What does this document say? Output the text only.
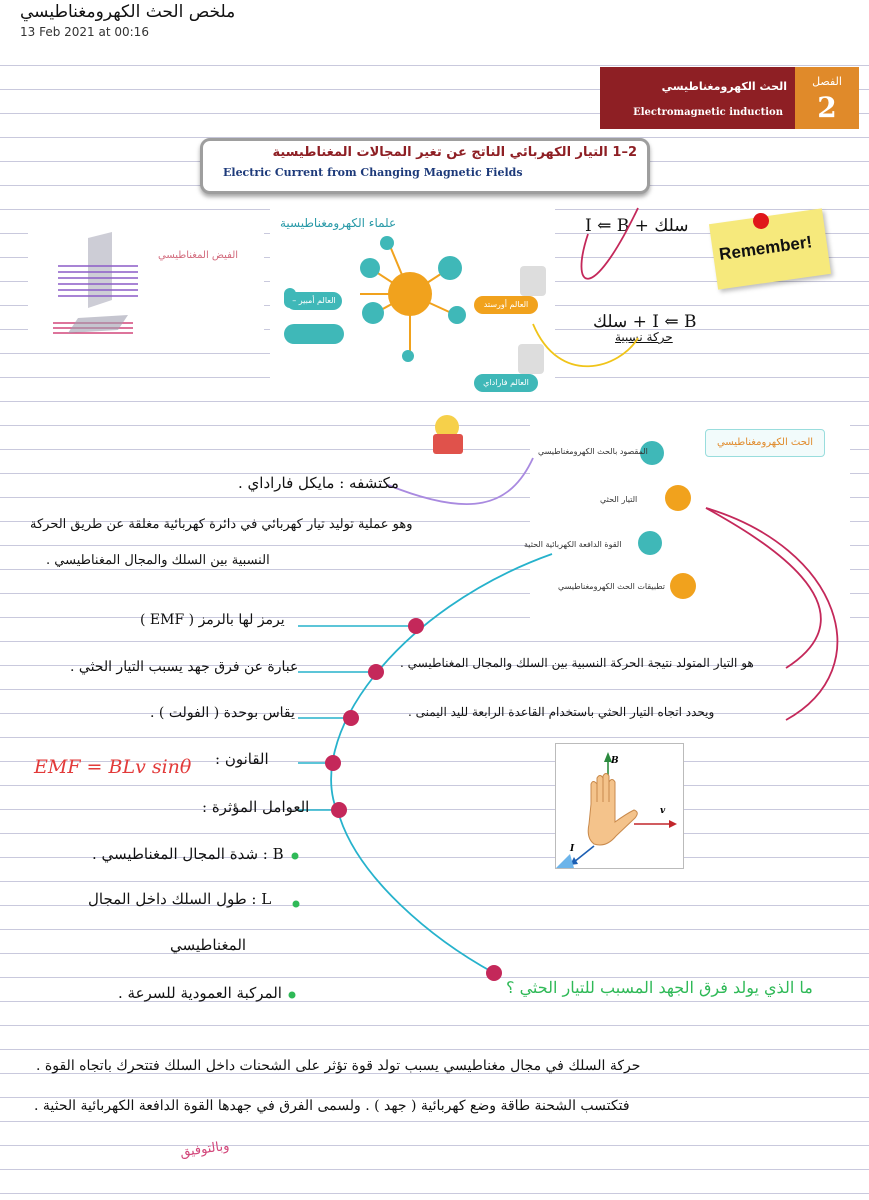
ملخص الحث الكهرومغناطيسي
13 Feb 2021 at 00:16
الفصل
2
الحث الكهرومغناطيسي
Electromagnetic induction
2–1 التيار الكهربائي الناتج عن تغير المجالات المغناطيسية
Electric Current from Changing Magnetic Fields
الفيض المغناطيسي
علماء الكهرومغناطيسية
العالم أمبير – فاراداي
العالم أورستد
العالم فاراداي
سلك + I ⇐ B
I ⇐ B + سلك
حركة نسبية
Remember!
الحث الكهرومغناطيسي
المقصود بالحث الكهرومغناطيسي
التيار الحثي
القوة الدافعة الكهربائية الحثية
تطبيقات الحث الكهرومغناطيسي
مكتشفه : مايكل فاراداي .
وهو عملية توليد تيار كهربائي في دائرة كهربائية مغلقة عن طريق الحركة
النسبية بين السلك والمجال المغناطيسي .
يرمز لها بالرمز ( EMF )
عبارة عن فرق جهد يسبب التيار الحثي .
يقاس بوحدة ( الفولت ) .
القانون :
EMF = BLv sinθ
العوامل المؤثرة :
B : شدة المجال المغناطيسي .
L : طول السلك داخل المجال
المغناطيسي
المركبة العمودية للسرعة .
هو التيار المتولد نتيجة الحركة النسبية بين السلك والمجال المغناطيسي .
ويحدد اتجاه التيار الحثي باستخدام القاعدة الرابعة لليد اليمنى .
ما الذي يولد فرق الجهد المسبب للتيار الحثي ؟
حركة السلك في مجال مغناطيسي يسبب تولد قوة تؤثر على الشحنات داخل السلك فتتحرك باتجاه القوة .
فتكتسب الشحنة طاقة وضع كهربائية ( جهد ) . ولسمى الفرق في جهدها القوة الدافعة الكهربائية الحثية .
وبالتوفيق
B
v
I
